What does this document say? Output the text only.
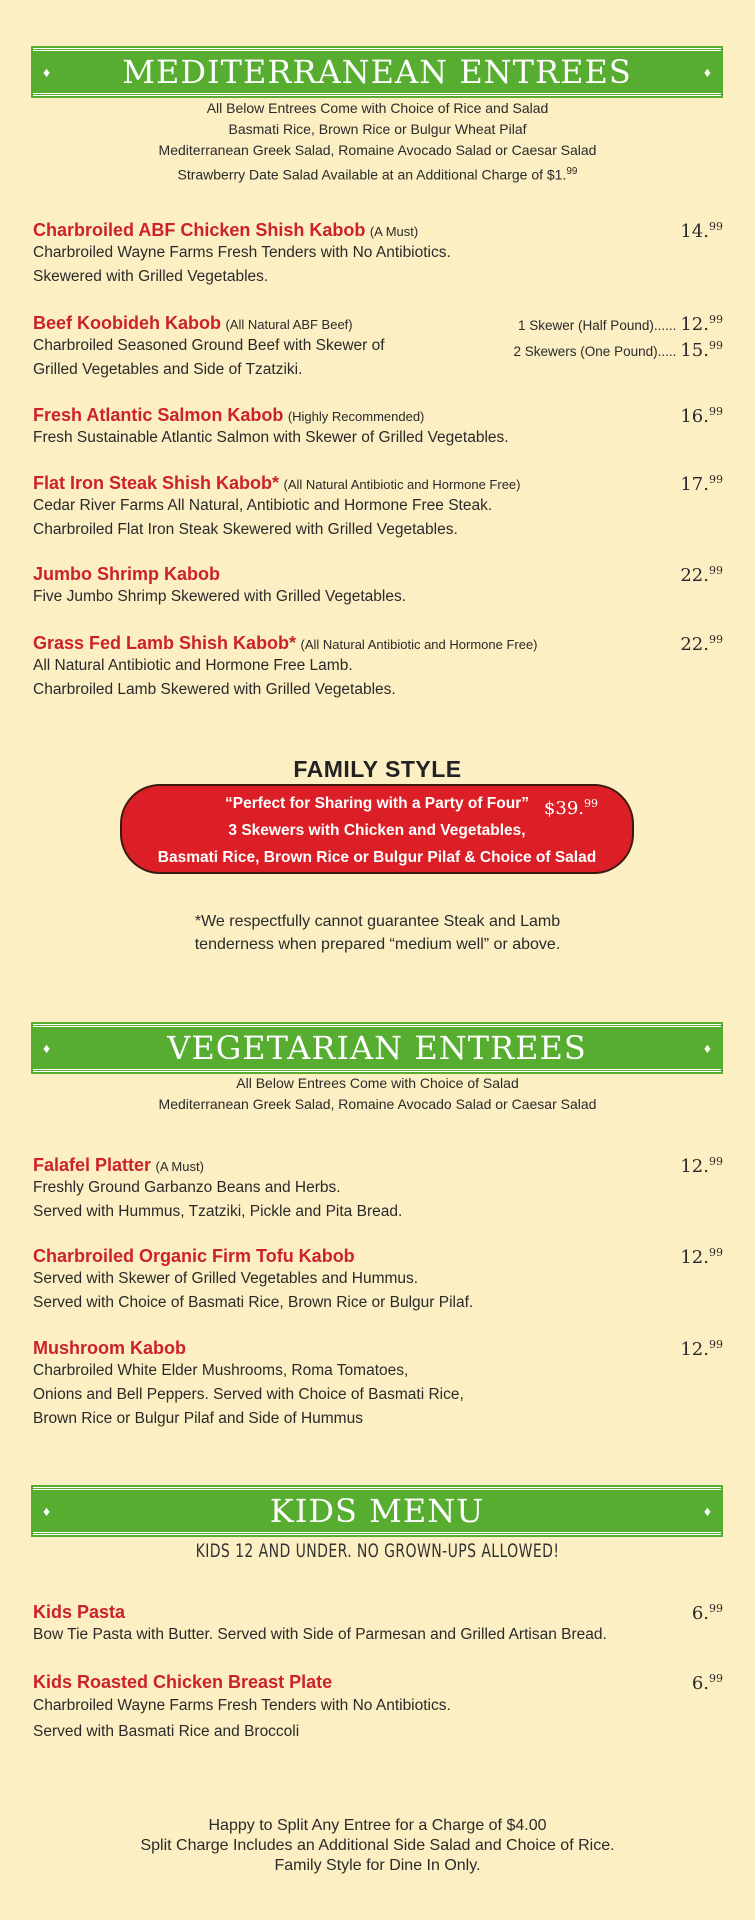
♦ MEDITERRANEAN ENTREES	♦
All Below Entrees Come with Choice of Rice and Salad
Basmati Rice, Brown Rice or Bulgur Wheat Pilaf
Mediterranean Greek Salad, Romaine Avocado Salad or Caesar Salad
Strawberry Date Salad Available at an Additional Charge of $1.99
Charbroiled ABF Chicken Shish Kabob (A Must)
Charbroiled Wayne Farms Fresh Tenders with No Antibiotics.
Skewered with Grilled Vegetables.
14.99
Beef Koobideh Kabob (All Natural ABF Beef)
Charbroiled Seasoned Ground Beef with Skewer of
Grilled Vegetables and Side of Tzatziki.
1 Skewer (Half Pound)...... 12.99
2 Skewers (One Pound)..... 15.99
Fresh Atlantic Salmon Kabob (Highly Recommended)
Fresh Sustainable Atlantic Salmon with Skewer of Grilled Vegetables.
16.99
Flat Iron Steak Shish Kabob* (All Natural Antibiotic and Hormone Free)
Cedar River Farms All Natural, Antibiotic and Hormone Free Steak.
Charbroiled Flat Iron Steak Skewered with Grilled Vegetables.
17.99
Jumbo Shrimp Kabob
Five Jumbo Shrimp Skewered with Grilled Vegetables.
22.99
Grass Fed Lamb Shish Kabob* (All Natural Antibiotic and Hormone Free)
All Natural Antibiotic and Hormone Free Lamb.
Charbroiled Lamb Skewered with Grilled Vegetables.
22.99
FAMILY STYLE
“Perfect for Sharing with a Party of Four”
3 Skewers with Chicken and Vegetables,
Basmati Rice, Brown Rice or Bulgur Pilaf & Choice of Salad
$39.99
*We respectfully cannot guarantee Steak and Lamb
tenderness when prepared “medium well” or above.
♦	VEGETARIAN ENTREES	♦
All Below Entrees Come with Choice of Salad
Mediterranean Greek Salad, Romaine Avocado Salad or Caesar Salad
Falafel Platter (A Must)
Freshly Ground Garbanzo Beans and Herbs.
Served with Hummus, Tzatziki, Pickle and Pita Bread.
12.99
Charbroiled Organic Firm Tofu Kabob
Served with Skewer of Grilled Vegetables and Hummus.
Served with Choice of Basmati Rice, Brown Rice or Bulgur Pilaf.
12.99
Mushroom Kabob
Charbroiled White Elder Mushrooms, Roma Tomatoes,
Onions and Bell Peppers. Served with Choice of Basmati Rice,
Brown Rice or Bulgur Pilaf and Side of Hummus
12.99
♦	KIDS MENU	♦
KIDS 12 AND UNDER. NO GROWN-UPS ALLOWED!
Kids Pasta
Bow Tie Pasta with Butter. Served with Side of Parmesan and Grilled Artisan Bread.
6.99
Kids Roasted Chicken Breast Plate
Charbroiled Wayne Farms Fresh Tenders with No Antibiotics.
Served with Basmati Rice and Broccoli
6.99
Happy to Split Any Entree for a Charge of $4.00
Split Charge Includes an Additional Side Salad and Choice of Rice.
Family Style for Dine In Only.
